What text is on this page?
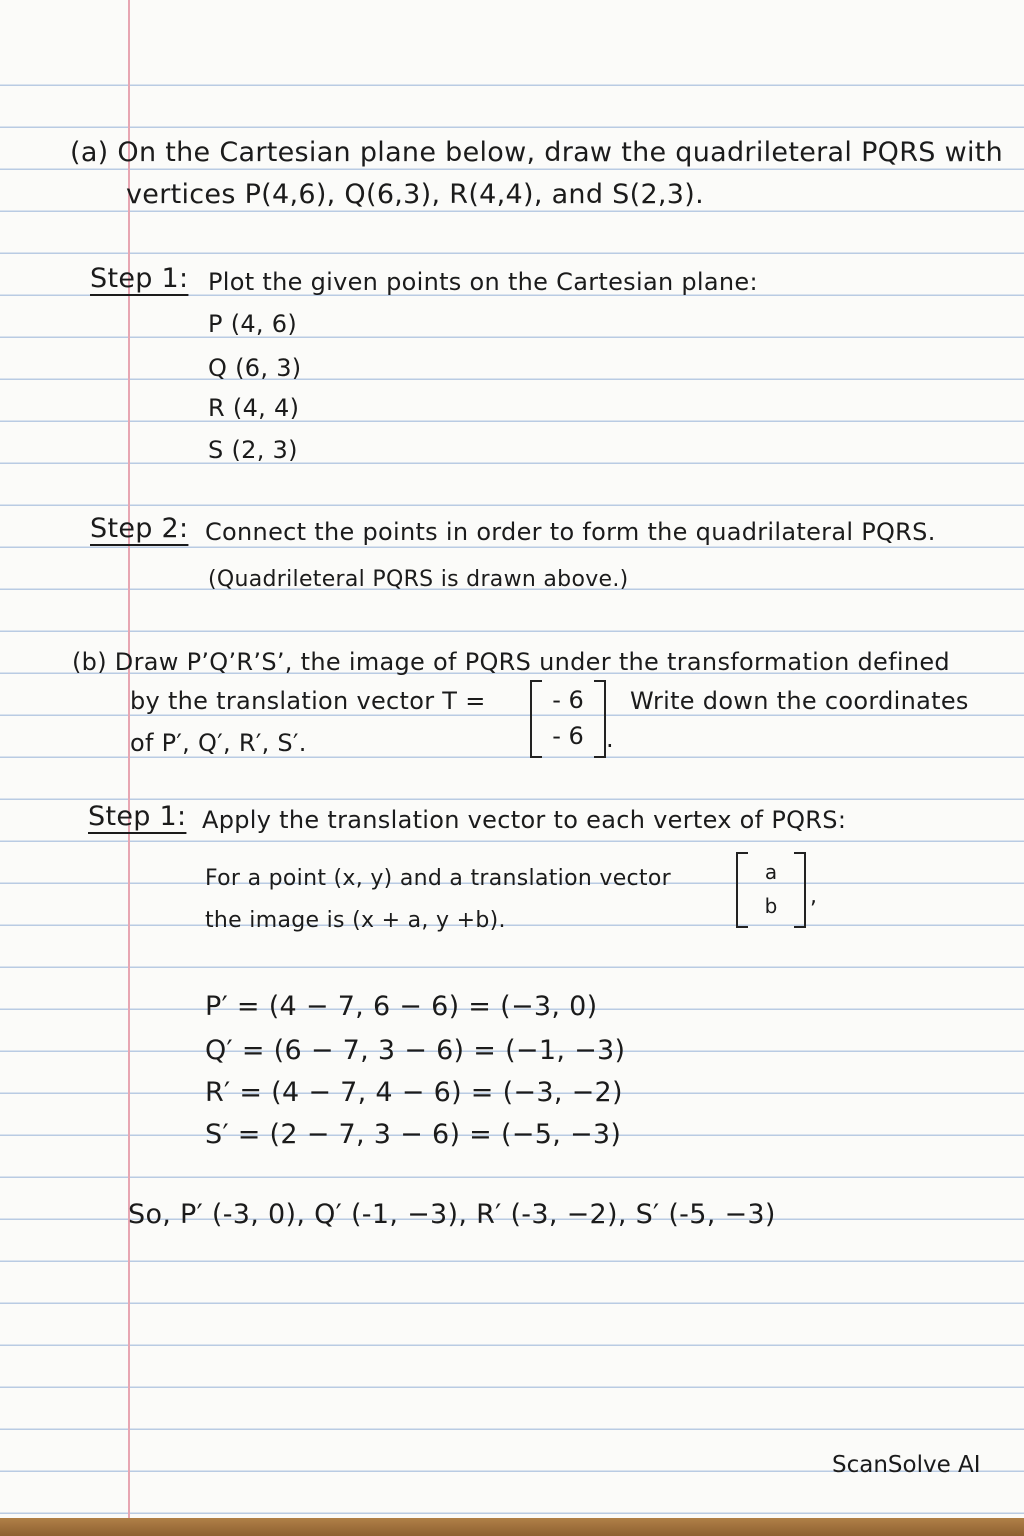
(a) On the Cartesian plane below, draw the quadrileteral PQRS with
vertices P(4,6), Q(6,3), R(4,4), and S(2,3).
Step 1: Plot the given points on the Cartesian plane:
P (4, 6)
Q (6, 3)
R (4, 4)
S (2, 3)
Step 2: Connect the points in order to form the quadrilateral PQRS.
(Quadrileteral PQRS is drawn above.)
(b) Draw P’Q’R’S’, the image of PQRS under the transformation defined
by the translation vector T =	- 6
- 6 .
Write down the coordinates
of P′, Q′, R′, S′.
Step 1: Apply the translation vector to each vertex of PQRS:
For a point (x, y) and a translation vector	a
b	,
the image is (x + a, y +b).
P′ = (4 − 7, 6 − 6) = (−3, 0)
Q′ = (6 − 7, 3 − 6) = (−1, −3)
R′ = (4 − 7, 4 − 6) = (−3, −2)
S′ = (2 − 7, 3 − 6) = (−5, −3)
So, P′ (-3, 0), Q′ (-1, −3), R′ (-3, −2), S′ (-5, −3)
ScanSolve AI
